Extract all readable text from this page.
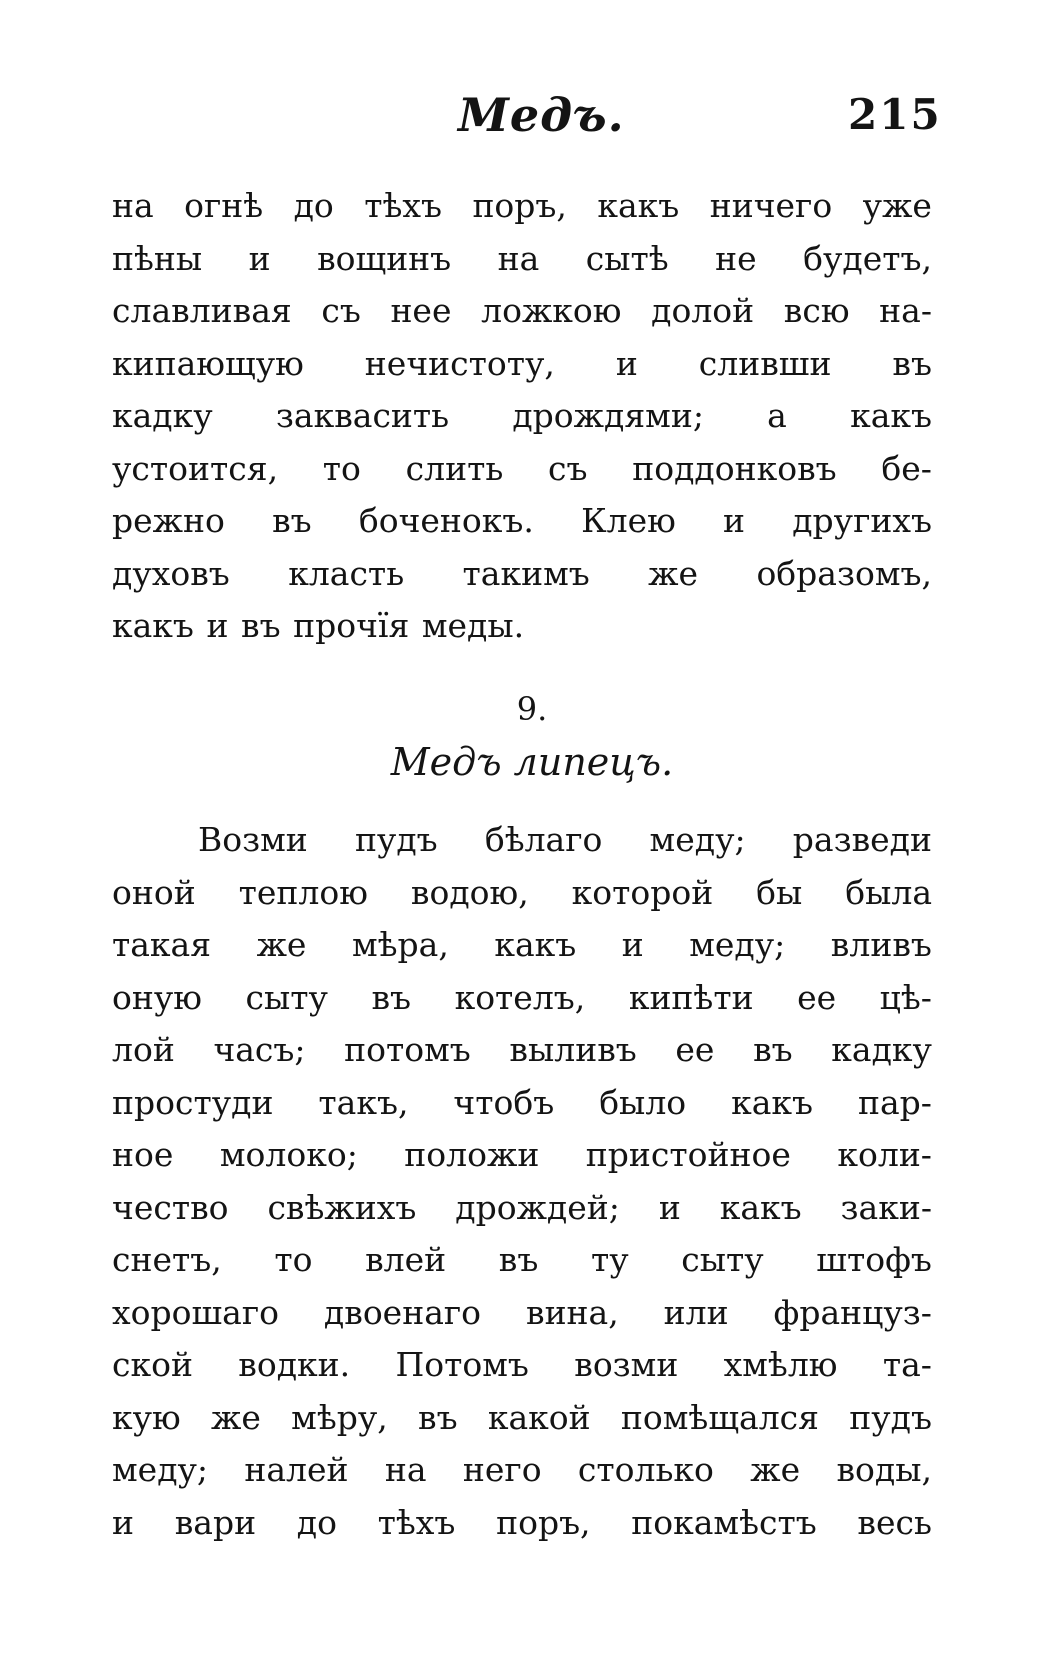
Медъ.	215
на огнѣ до тѣхъ поръ, какъ ничего уже
пѣны и вощинъ на сытѣ не будетъ,
славливая съ нее ложкою долой всю на-
кипающую нечистоту, и сливши въ
кадку заквасить дрождями; а какъ
устоится, то слить съ поддонковъ бе-
режно въ боченокъ. Клею и другихъ
духовъ класть такимъ же образомъ,
какъ и въ прочїя меды.
9.
Медъ липецъ.
Возми пудъ бѣлаго меду; разведи
оной теплою водою, которой бы была
такая же мѣра, какъ и меду; вливъ
оную сыту въ котелъ, кипѣти ее цѣ-
лой часъ; потомъ выливъ ее въ кадку
простуди такъ, чтобъ было какъ пар-
ное молоко; положи пристойное коли-
чество свѣжихъ дрождей; и какъ заки-
снетъ, то влей въ ту сыту штофъ
хорошаго двоенаго вина, или француз-
ской водки. Потомъ возми хмѣлю та-
кую же мѣру, въ какой помѣщался пудъ
меду; налей на него столько же воды,
и вари до тѣхъ поръ, покамѣстъ весь
